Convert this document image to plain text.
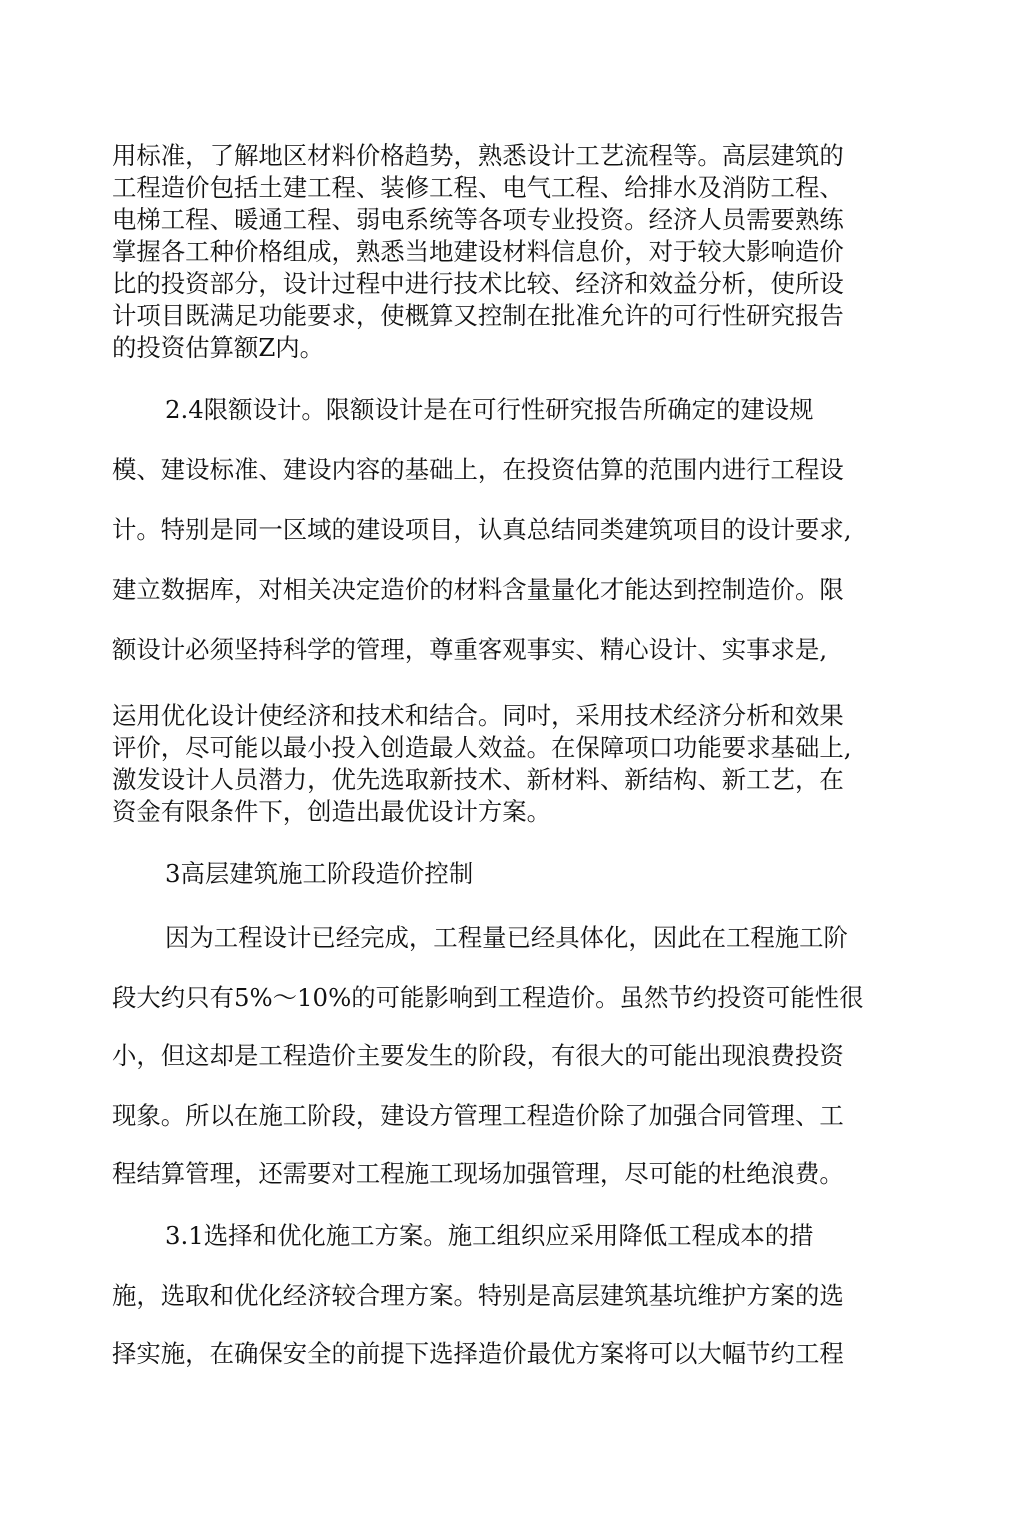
用标准，了解地区材料价格趋势，熟悉设计工艺流程等。高层建筑的
工程造价包括土建工程、装修工程、电气工程、给排水及消防工程、
电梯工程、暖通工程、弱电系统等各项专业投资。经济人员需要熟练
掌握各工种价格组成，熟悉当地建设材料信息价，对于较大影响造价
比的投资部分，设计过程中进行技术比较、经济和效益分析，使所设
计项目既满足功能要求，使概算又控制在批准允许的可行性研究报告
的投资估算额Z内。
2.4限额设计。限额设计是在可行性研究报告所确定的建设规
模、建设标准、建设内容的基础上，在投资估算的范围内进行工程设
计。特别是同一区域的建设项目，认真总结同类建筑项目的设计要求,
建立数据库，对相关决定造价的材料含量量化才能达到控制造价。限
额设计必须坚持科学的管理，尊重客观事实、精心设计、实事求是,
运用优化设计使经济和技术和结合。同吋，采用技术经济分析和效果
评价，尽可能以最小投入创造最人效益。在保障项口功能要求基础上,
激发设计人员潜力，优先选取新技术、新材料、新结构、新工艺，在
资金有限条件下，创造出最优设计方案。
3高层建筑施工阶段造价控制
因为工程设计已经完成，工程量已经具体化，因此在工程施工阶
段大约只有5%～10%的可能影响到工程造价。虽然节约投资可能性很
小，但这却是工程造价主要发生的阶段，有很大的可能出现浪费投资
现象。所以在施工阶段，建设方管理工程造价除了加强合同管理、工
程结算管理，还需要对工程施工现场加强管理，尽可能的杜绝浪费。
3.1选择和优化施工方案。施工组织应采用降低工程成本的措
施，选取和优化经济较合理方案。特别是高层建筑基坑维护方案的选
择实施，在确保安全的前提下选择造价最优方案将可以大幅节约工程
